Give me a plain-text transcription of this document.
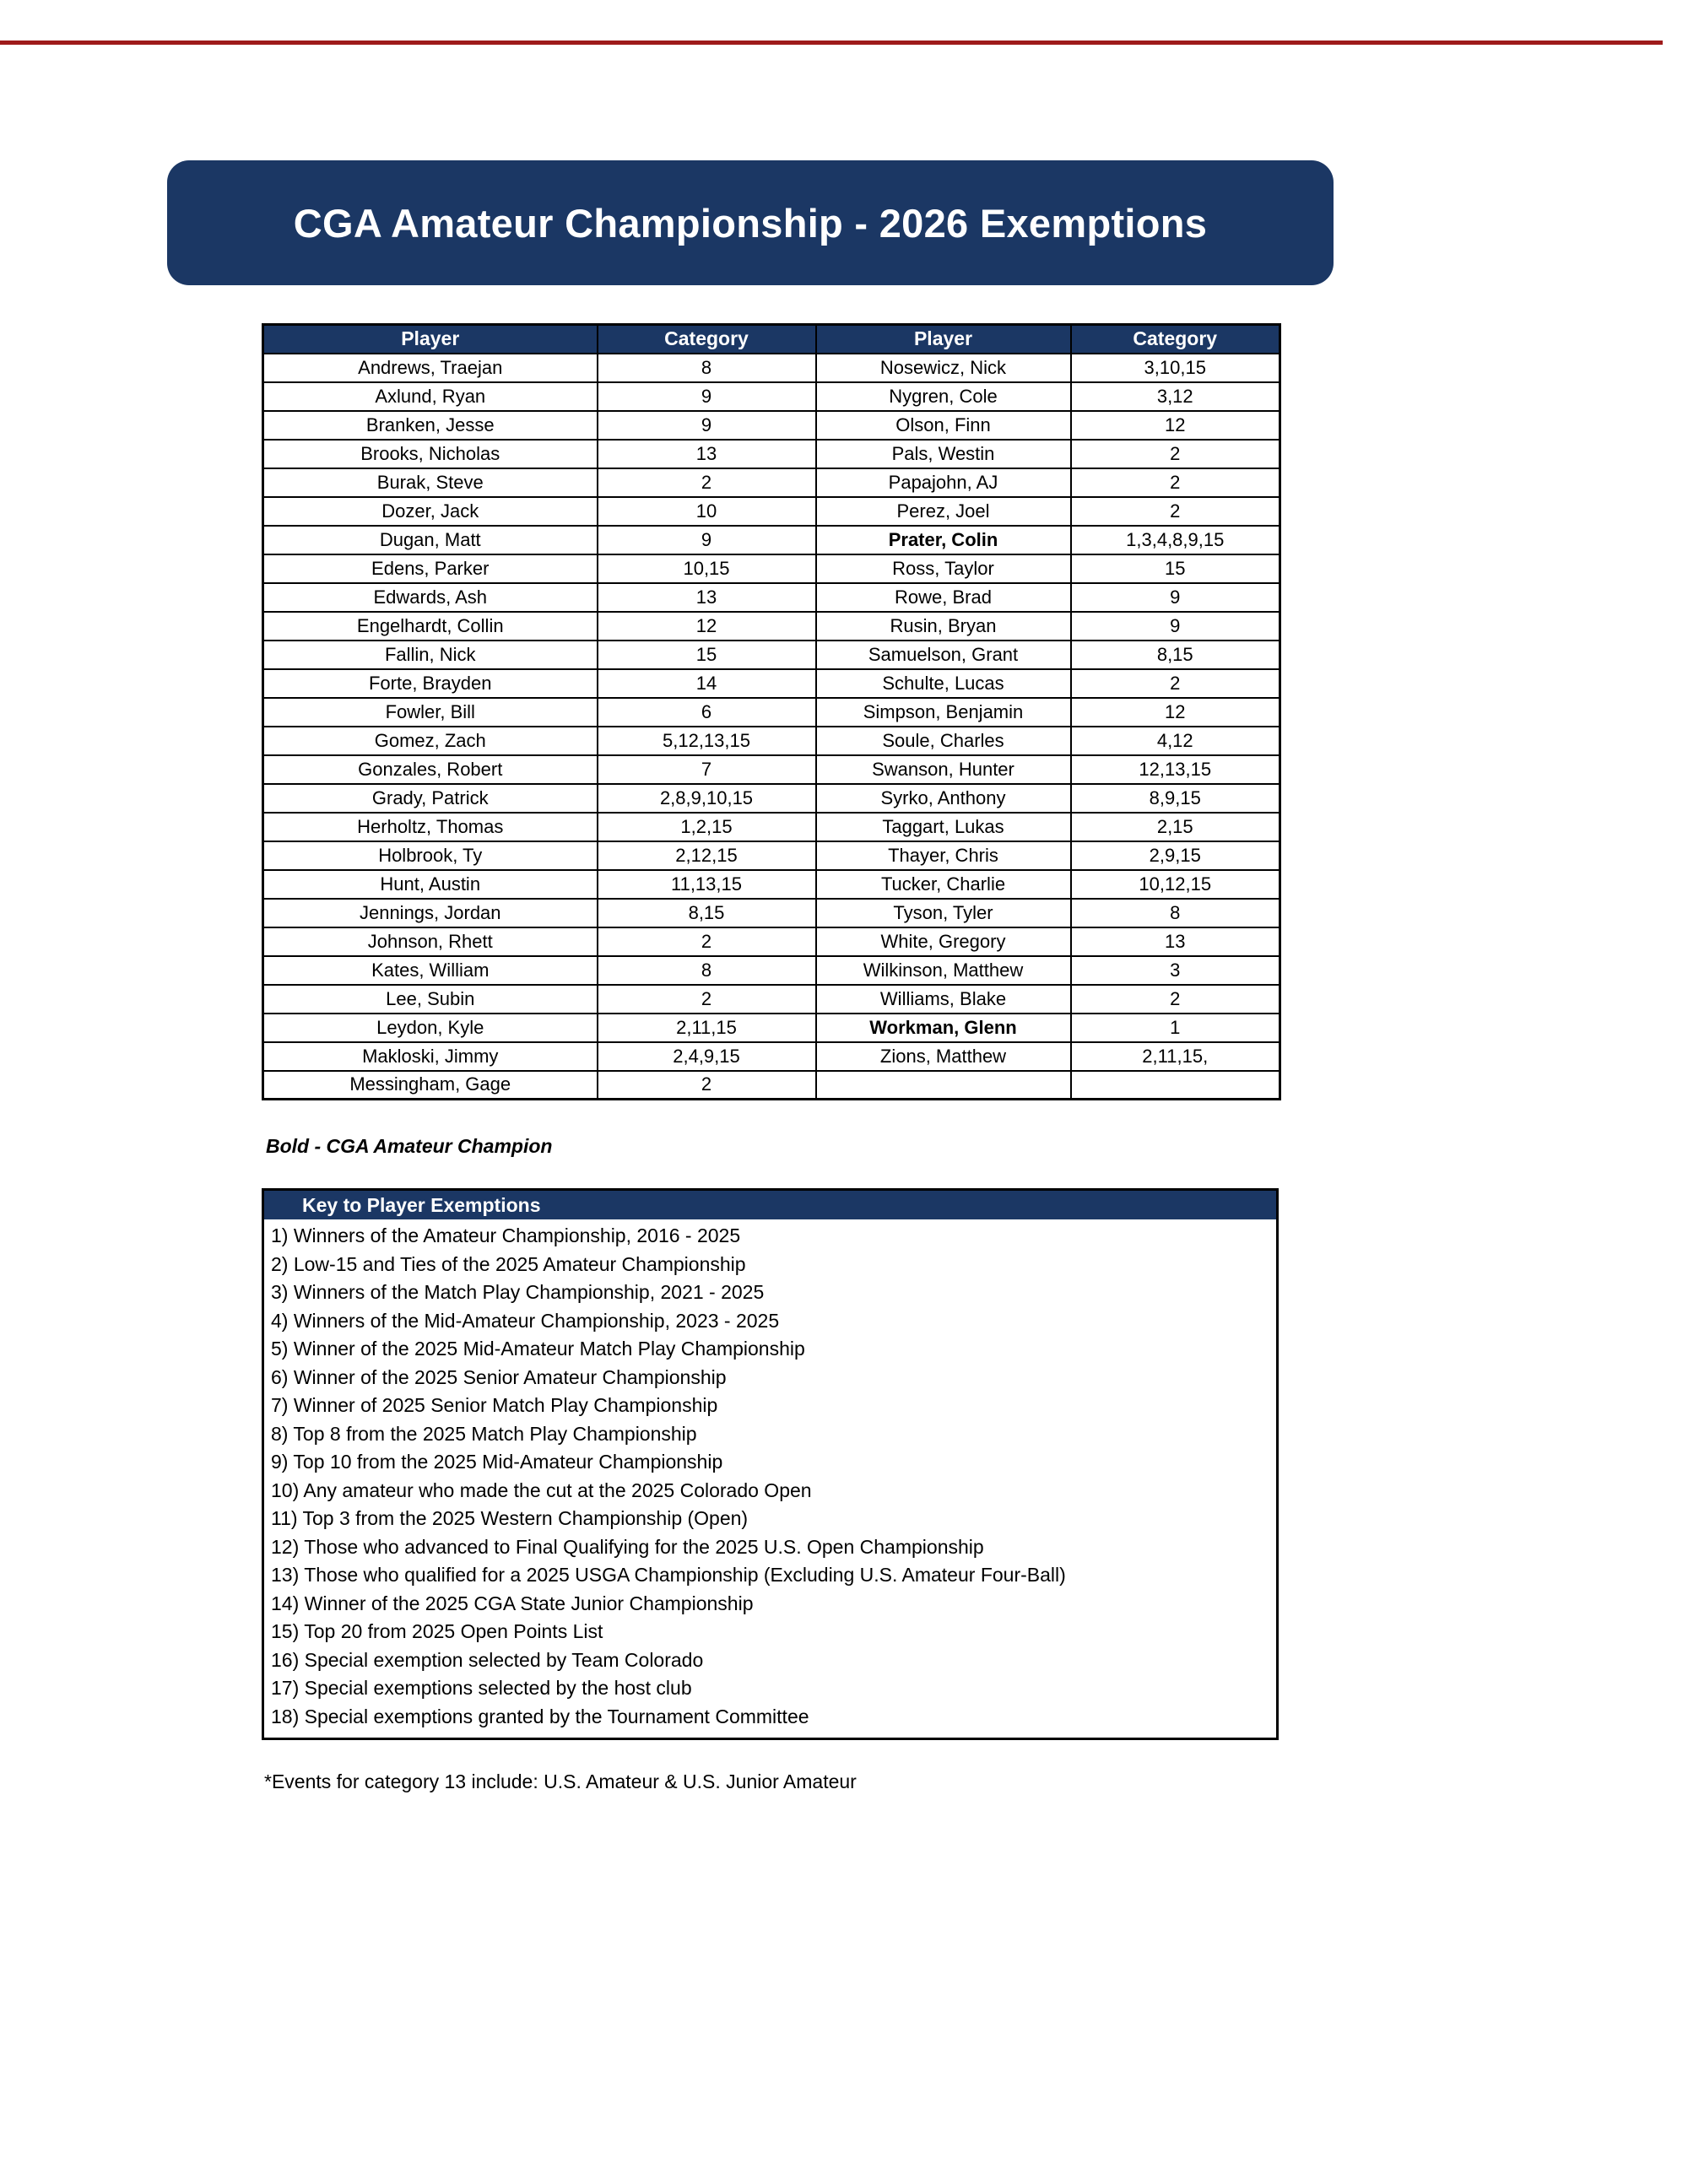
CGA Amateur Championship - 2026 Exemptions
Player	Category	Player	Category
Andrews, Traejan	8	Nosewicz, Nick	3,10,15
Axlund, Ryan	9	Nygren, Cole	3,12
Branken, Jesse	9	Olson, Finn	12
Brooks, Nicholas	13	Pals, Westin	2
Burak, Steve	2	Papajohn, AJ	2
Dozer, Jack	10	Perez, Joel	2
Dugan, Matt	9	Prater, Colin	1,3,4,8,9,15
Edens, Parker	10,15	Ross, Taylor	15
Edwards, Ash	13	Rowe, Brad	9
Engelhardt, Collin	12	Rusin, Bryan	9
Fallin, Nick	15	Samuelson, Grant	8,15
Forte, Brayden	14	Schulte, Lucas	2
Fowler, Bill	6	Simpson, Benjamin	12
Gomez, Zach	5,12,13,15	Soule, Charles	4,12
Gonzales, Robert	7	Swanson, Hunter	12,13,15
Grady, Patrick	2,8,9,10,15	Syrko, Anthony	8,9,15
Herholtz, Thomas	1,2,15	Taggart, Lukas	2,15
Holbrook, Ty	2,12,15	Thayer, Chris	2,9,15
Hunt, Austin	11,13,15	Tucker, Charlie	10,12,15
Jennings, Jordan	8,15	Tyson, Tyler	8
Johnson, Rhett	2	White, Gregory	13
Kates, William	8	Wilkinson, Matthew	3
Lee, Subin	2	Williams, Blake	2
Leydon, Kyle	2,11,15	Workman, Glenn	1
Makloski, Jimmy	2,4,9,15	Zions, Matthew	2,11,15,
Messingham, Gage	2		
Bold - CGA Amateur Champion
Key to Player Exemptions
1) Winners of the Amateur Championship, 2016 - 2025
2) Low-15 and Ties of the 2025 Amateur Championship
3) Winners of the Match Play Championship, 2021 - 2025
4) Winners of the Mid-Amateur Championship, 2023 - 2025
5) Winner of the 2025 Mid-Amateur Match Play Championship
6) Winner of the 2025 Senior Amateur Championship
7) Winner of 2025 Senior Match Play Championship
8) Top 8 from the 2025 Match Play Championship
9) Top 10 from the 2025 Mid-Amateur Championship
10) Any amateur who made the cut at the 2025 Colorado Open
11) Top 3 from the 2025 Western Championship (Open)
12) Those who advanced to Final Qualifying for the 2025 U.S. Open Championship
13) Those who qualified for a 2025 USGA Championship (Excluding U.S. Amateur Four-Ball)
14) Winner of the 2025 CGA State Junior Championship
15) Top 20 from 2025 Open Points List
16) Special exemption selected by Team Colorado
17) Special exemptions selected by the host club
18) Special exemptions granted by the Tournament Committee
*Events for category 13 include: U.S. Amateur & U.S. Junior Amateur
